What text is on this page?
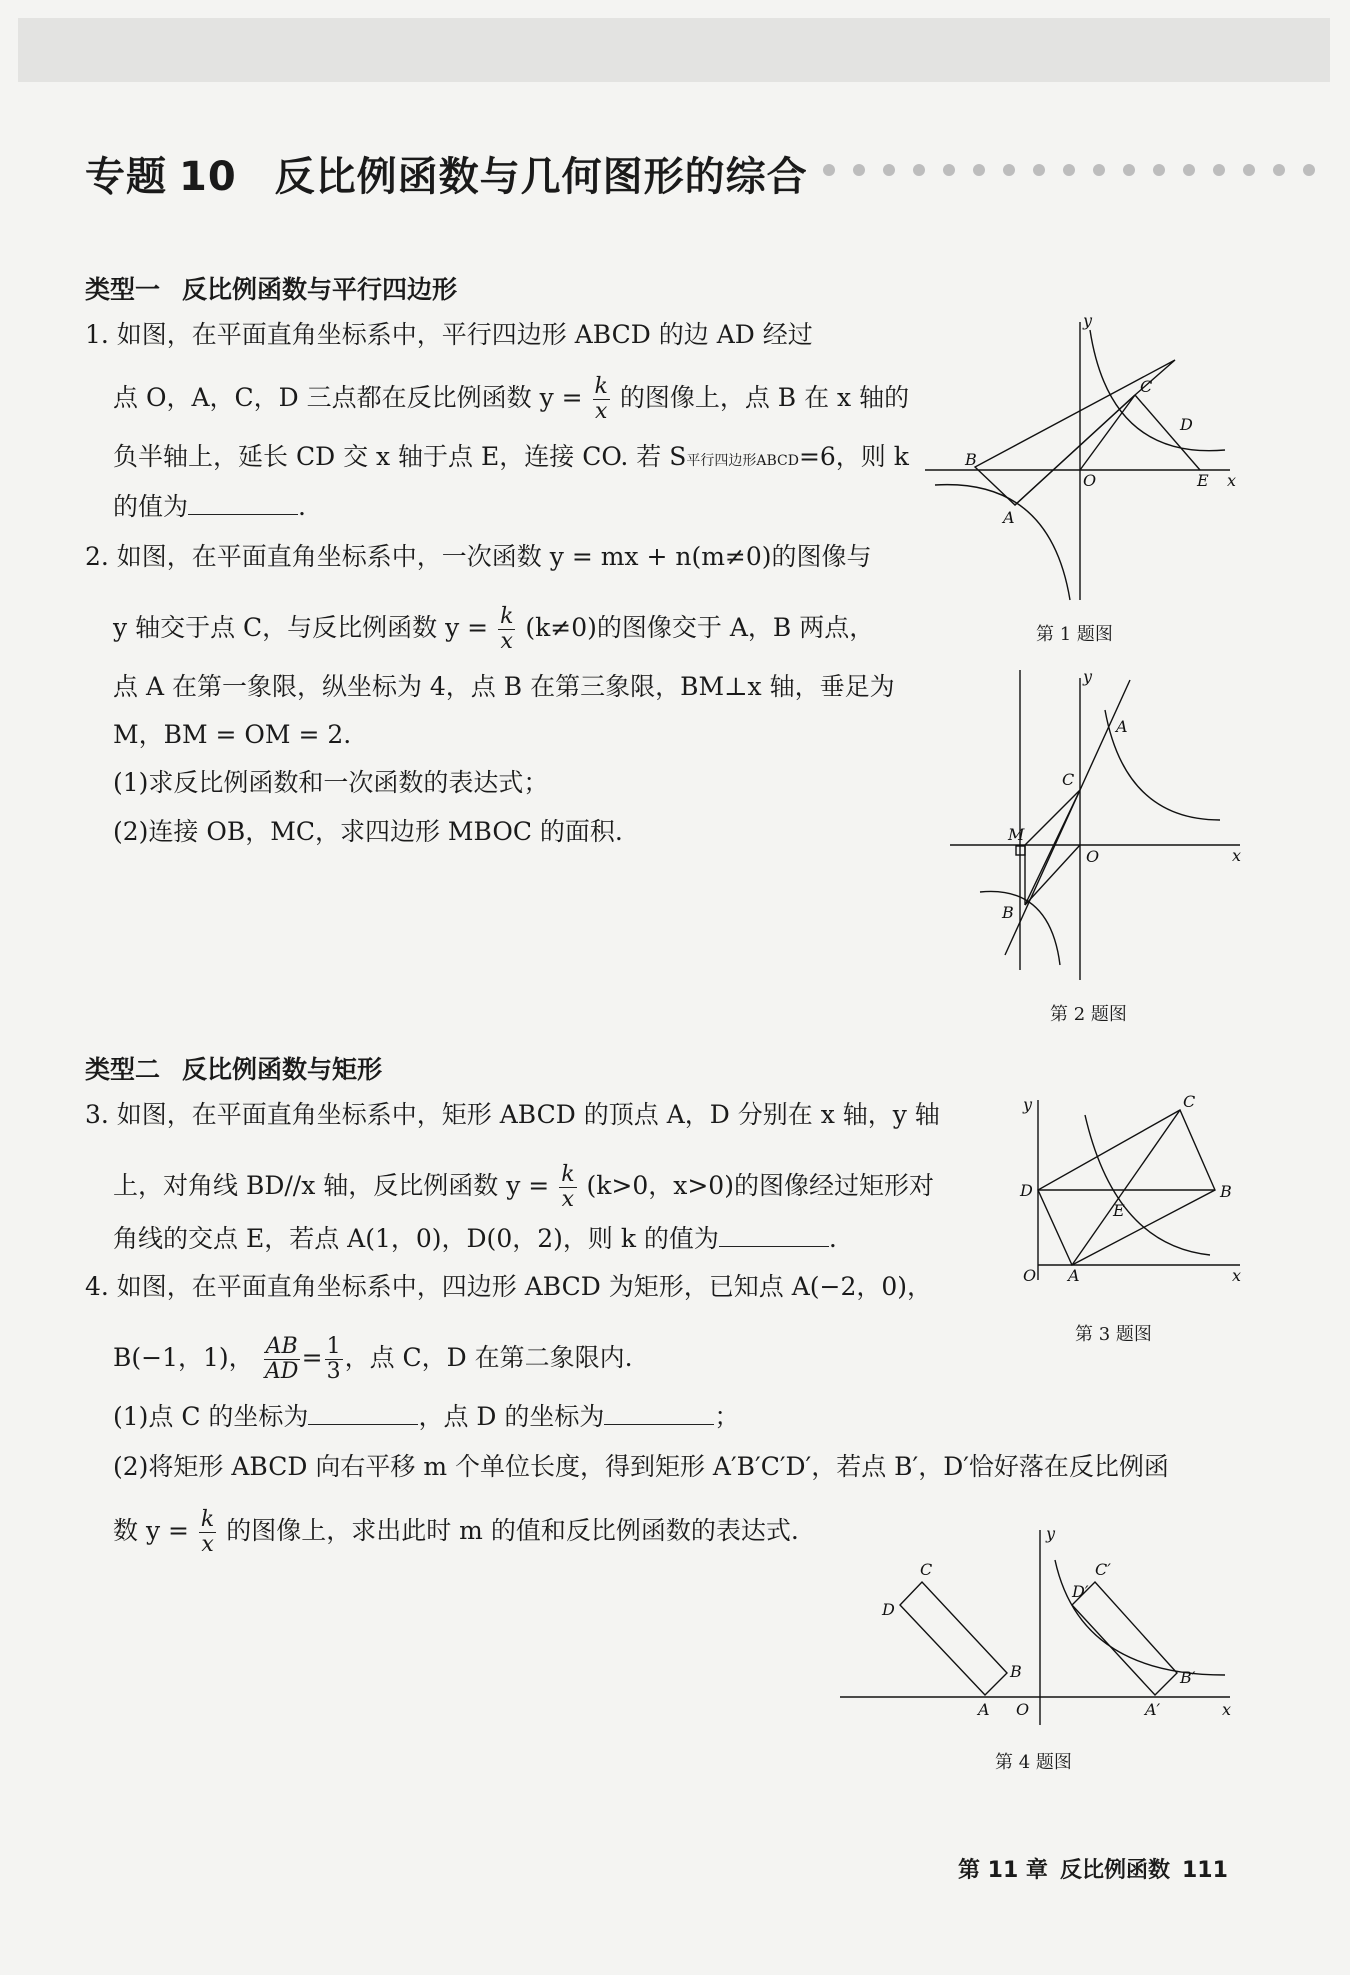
专题 10 反比例函数与几何图形的综合
类型一 反比例函数与平行四边形
1. 如图，在平面直角坐标系中，平行四边形 ABCD 的边 AD 经过
点 O，A，C，D 三点都在反比例函数 $y = \frac{k}{x}$ 的图像上，点 B 在 x 轴的
负半轴上，延长 CD 交 x 轴于点 E，连接 CO. 若 S平行四边形ABCD=6，则 k
的值为	.
y
x
O
C
D
B
A
E
第 1 题图
2. 如图，在平面直角坐标系中，一次函数 y = mx + n(m≠0)的图像与
y 轴交于点 C，与反比例函数 $y = \frac{k}{x} (k\ne 0)$的图像交于 A，B 两点，
点 A 在第一象限，纵坐标为 4，点 B 在第三象限，BM⊥x 轴，垂足为
M，BM = OM = 2.
(1)求反比例函数和一次函数的表达式；
(2)连接 OB，MC，求四边形 MBOC 的面积.
y
x
O
A
C
M
B
第 2 题图
类型二 反比例函数与矩形
3. 如图，在平面直角坐标系中，矩形 ABCD 的顶点 A，D 分别在 x 轴，y 轴
上，对角线 BD//x 轴，反比例函数 $y = \frac{k}{x} (k>0$，x>0)的图像经过矩形对
角线的交点 E，若点 A(1，0)，D(0，2)，则 k 的值为	.
y
x
O A
D
C
B
E
第 3 题图
4. 如图，在平面直角坐标系中，四边形 ABCD 为矩形，已知点 A(−2，0)，
B(−1，1)， $\frac{AB}{AD} = \frac{1}{3}$ ，点 C，D 在第二象限内.
(1)点 C 的坐标为	，点 D 的坐标为	；
(2)将矩形 ABCD 向右平移 m 个单位长度，得到矩形 A′B′C′D′，若点 B′，D′恰好落在反比例函
数 $y = \frac{k}{x}$ 的图像上，求出此时 m 的值和反比例函数的表达式.	y
x
O
A
B
C
D
A′
B′
C′
D′
第 4 题图
第 11 章 反比例函数 111
